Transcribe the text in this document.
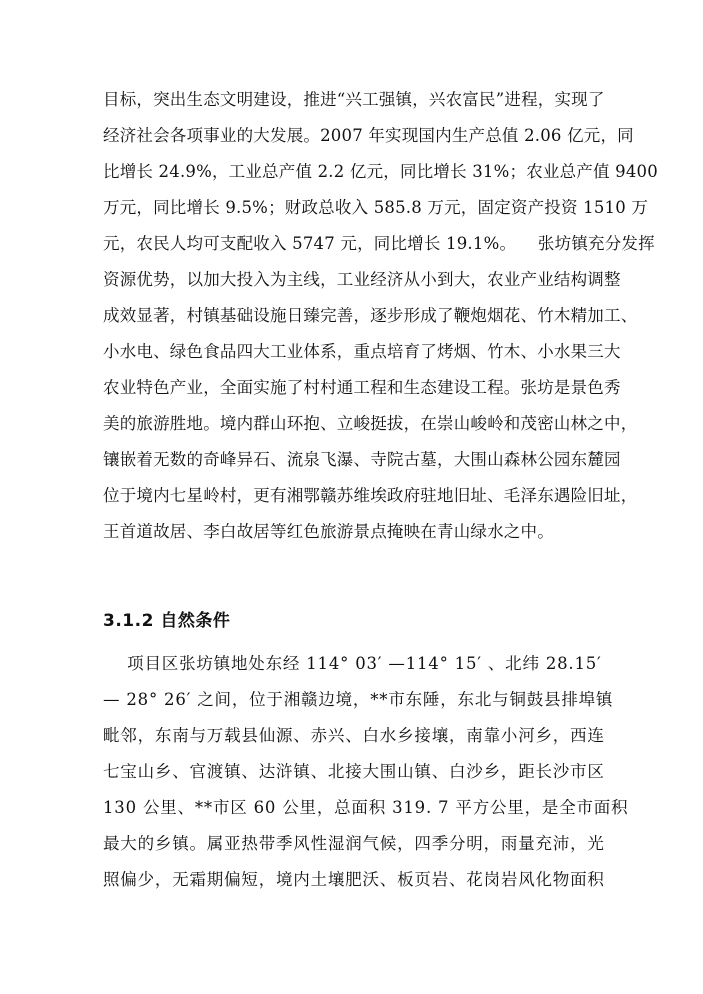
目标，突出生态文明建设，推进“兴工强镇，兴农富民”进程，实现了
经济社会各项事业的大发展。2007 年实现国内生产总值 2.06 亿元，同
比增长 24.9%，工业总产值 2.2 亿元，同比增长 31%；农业总产值 9400
万元，同比增长 9.5%；财政总收入 585.8 万元，固定资产投资 1510 万
元，农民人均可支配收入 5747 元，同比增长 19.1%。    张坊镇充分发挥
资源优势，以加大投入为主线，工业经济从小到大，农业产业结构调整
成效显著，村镇基础设施日臻完善，逐步形成了鞭炮烟花、竹木精加工、
小水电、绿色食品四大工业体系，重点培育了烤烟、竹木、小水果三大
农业特色产业，全面实施了村村通工程和生态建设工程。张坊是景色秀
美的旅游胜地。境内群山环抱、立峻挺拔，在崇山峻岭和茂密山林之中，
镶嵌着无数的奇峰异石、流泉飞瀑、寺院古墓，大围山森林公园东麓园
位于境内七星岭村，更有湘鄂赣苏维埃政府驻地旧址、毛泽东遇险旧址，
王首道故居、李白故居等红色旅游景点掩映在青山绿水之中。
3.1.2 自然条件
项目区张坊镇地处东经 114° 03′ —114° 15′ 、北纬 28.15′
— 28° 26′ 之间，位于湘赣边境，**市东陲，东北与铜鼓县排埠镇
毗邻，东南与万载县仙源、赤兴、白水乡接壤，南靠小河乡，西连
七宝山乡、官渡镇、达浒镇、北接大围山镇、白沙乡，距长沙市区
130 公里、**市区 60 公里，总面积 319. 7 平方公里，是全市面积
最大的乡镇。属亚热带季风性湿润气候，四季分明，雨量充沛，光
照偏少，无霜期偏短，境内土壤肥沃、板页岩、花岗岩风化物面积
